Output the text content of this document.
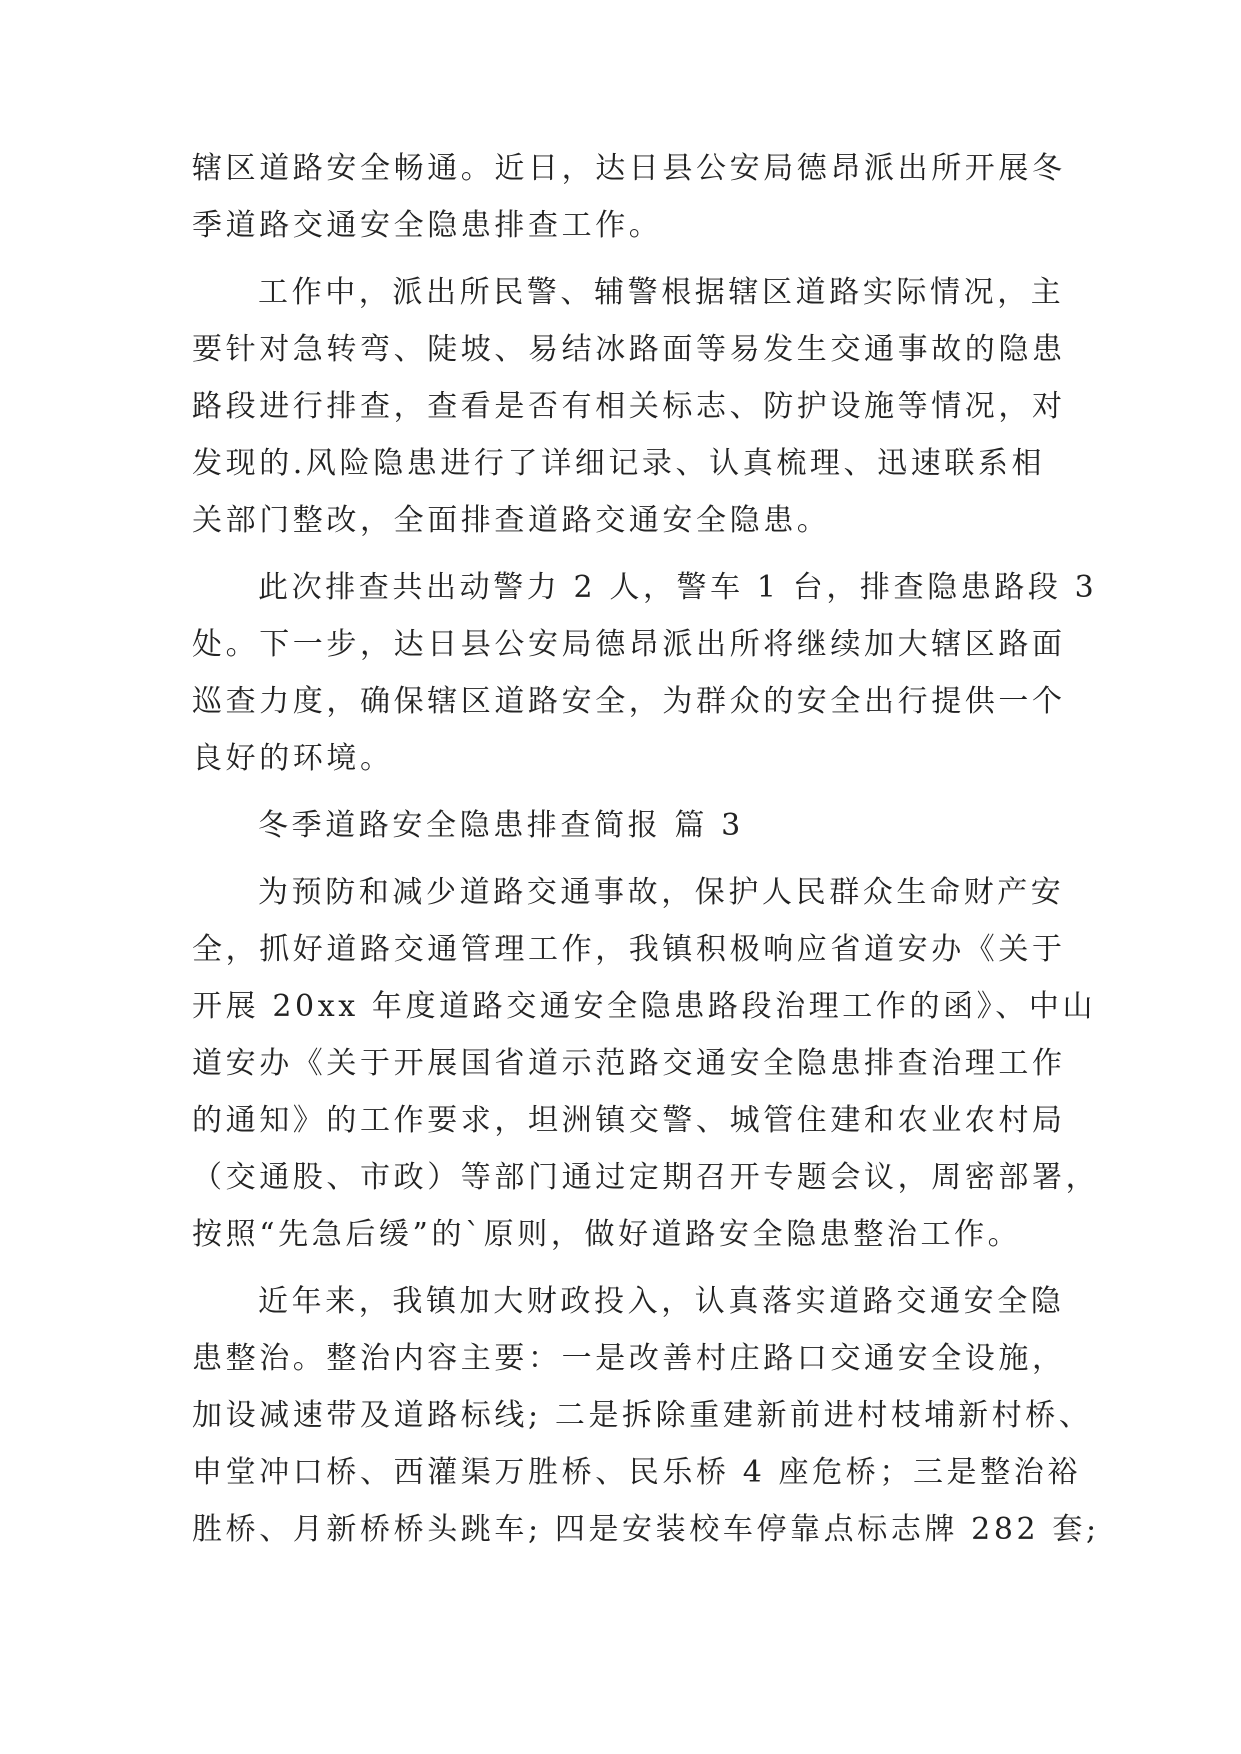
辖区道路安全畅通。近日，达日县公安局德昂派出所开展冬
季道路交通安全隐患排查工作。
工作中，派出所民警、辅警根据辖区道路实际情况，主
要针对急转弯、陡坡、易结冰路面等易发生交通事故的隐患
路段进行排查，查看是否有相关标志、防护设施等情况，对
发现的.风险隐患进行了详细记录、认真梳理、迅速联系相
关部门整改，全面排查道路交通安全隐患。
此次排查共出动警力 2 人，警车 1 台，排查隐患路段 3
处。下一步，达日县公安局德昂派出所将继续加大辖区路面
巡查力度，确保辖区道路安全，为群众的安全出行提供一个
良好的环境。
冬季道路安全隐患排查简报 篇 3
为预防和减少道路交通事故，保护人民群众生命财产安
全，抓好道路交通管理工作，我镇积极响应省道安办《关于
开展 20xx 年度道路交通安全隐患路段治理工作的函》、中山
道安办《关于开展国省道示范路交通安全隐患排查治理工作
的通知》的工作要求，坦洲镇交警、城管住建和农业农村局
（交通股、市政）等部门通过定期召开专题会议，周密部署，
按照“先急后缓”的`原则，做好道路安全隐患整治工作。
近年来，我镇加大财政投入，认真落实道路交通安全隐
患整治。整治内容主要：一是改善村庄路口交通安全设施，
加设减速带及道路标线; 二是拆除重建新前进村枝埔新村桥、
申堂冲口桥、西灌渠万胜桥、民乐桥 4 座危桥；三是整治裕
胜桥、月新桥桥头跳车; 四是安装校车停靠点标志牌 282 套;
